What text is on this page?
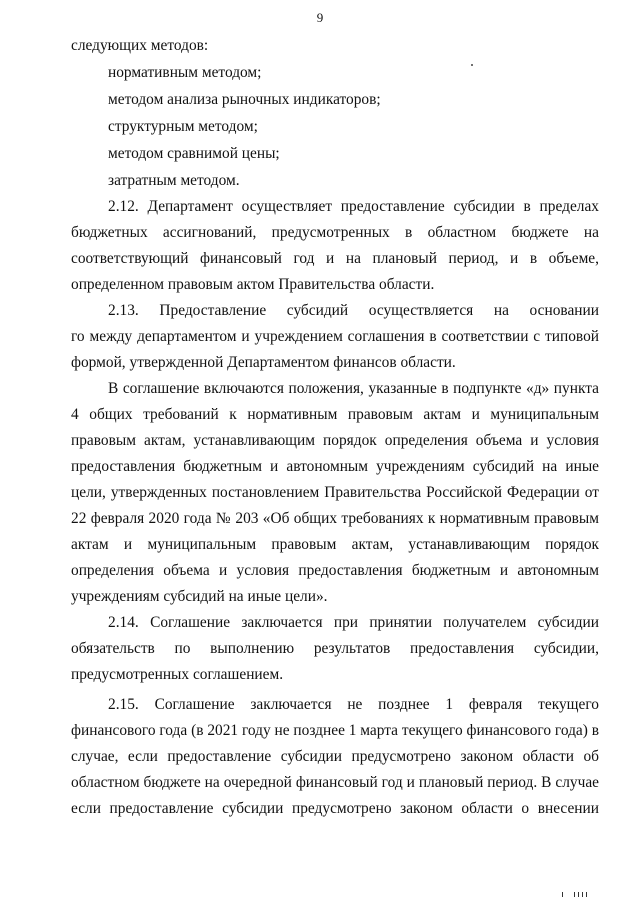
9
следующих методов:
нормативным методом;
методом анализа рыночных индикаторов;
структурным методом;
методом сравнимой цены;
затратным методом.
2.12. Департамент осуществляет предоставление субсидии в пределах
бюджетных ассигнований, предусмотренных в областном бюджете на
соответствующий финансовый год и на плановый период, и в объеме,
определенном правовым актом Правительства области.
2.13. Предоставление субсидий осуществляется на основании
го между департаментом и учреждением соглашения в соответствии с типовой
формой, утвержденной Департаментом финансов области.
В соглашение включаются положения, указанные в подпункте «д» пункта
4 общих требований к нормативным правовым актам и муниципальным
правовым актам, устанавливающим порядок определения объема и условия
предоставления бюджетным и автономным учреждениям субсидий на иные
цели, утвержденных постановлением Правительства Российской Федерации от
22 февраля 2020 года № 203 «Об общих требованиях к нормативным правовым
актам и муниципальным правовым актам, устанавливающим порядок
определения объема и условия предоставления бюджетным и автономным
учреждениям субсидий на иные цели».
2.14. Соглашение заключается при принятии получателем субсидии
обязательств по выполнению результатов предоставления субсидии,
предусмотренных соглашением.
2.15. Соглашение заключается не позднее 1 февраля текущего
финансового года (в 2021 году не позднее 1 марта текущего финансового года) в
случае, если предоставление субсидии предусмотрено законом области об
областном бюджете на очередной финансовый год и плановый период. В случае
если предоставление субсидии предусмотрено законом области о внесении
